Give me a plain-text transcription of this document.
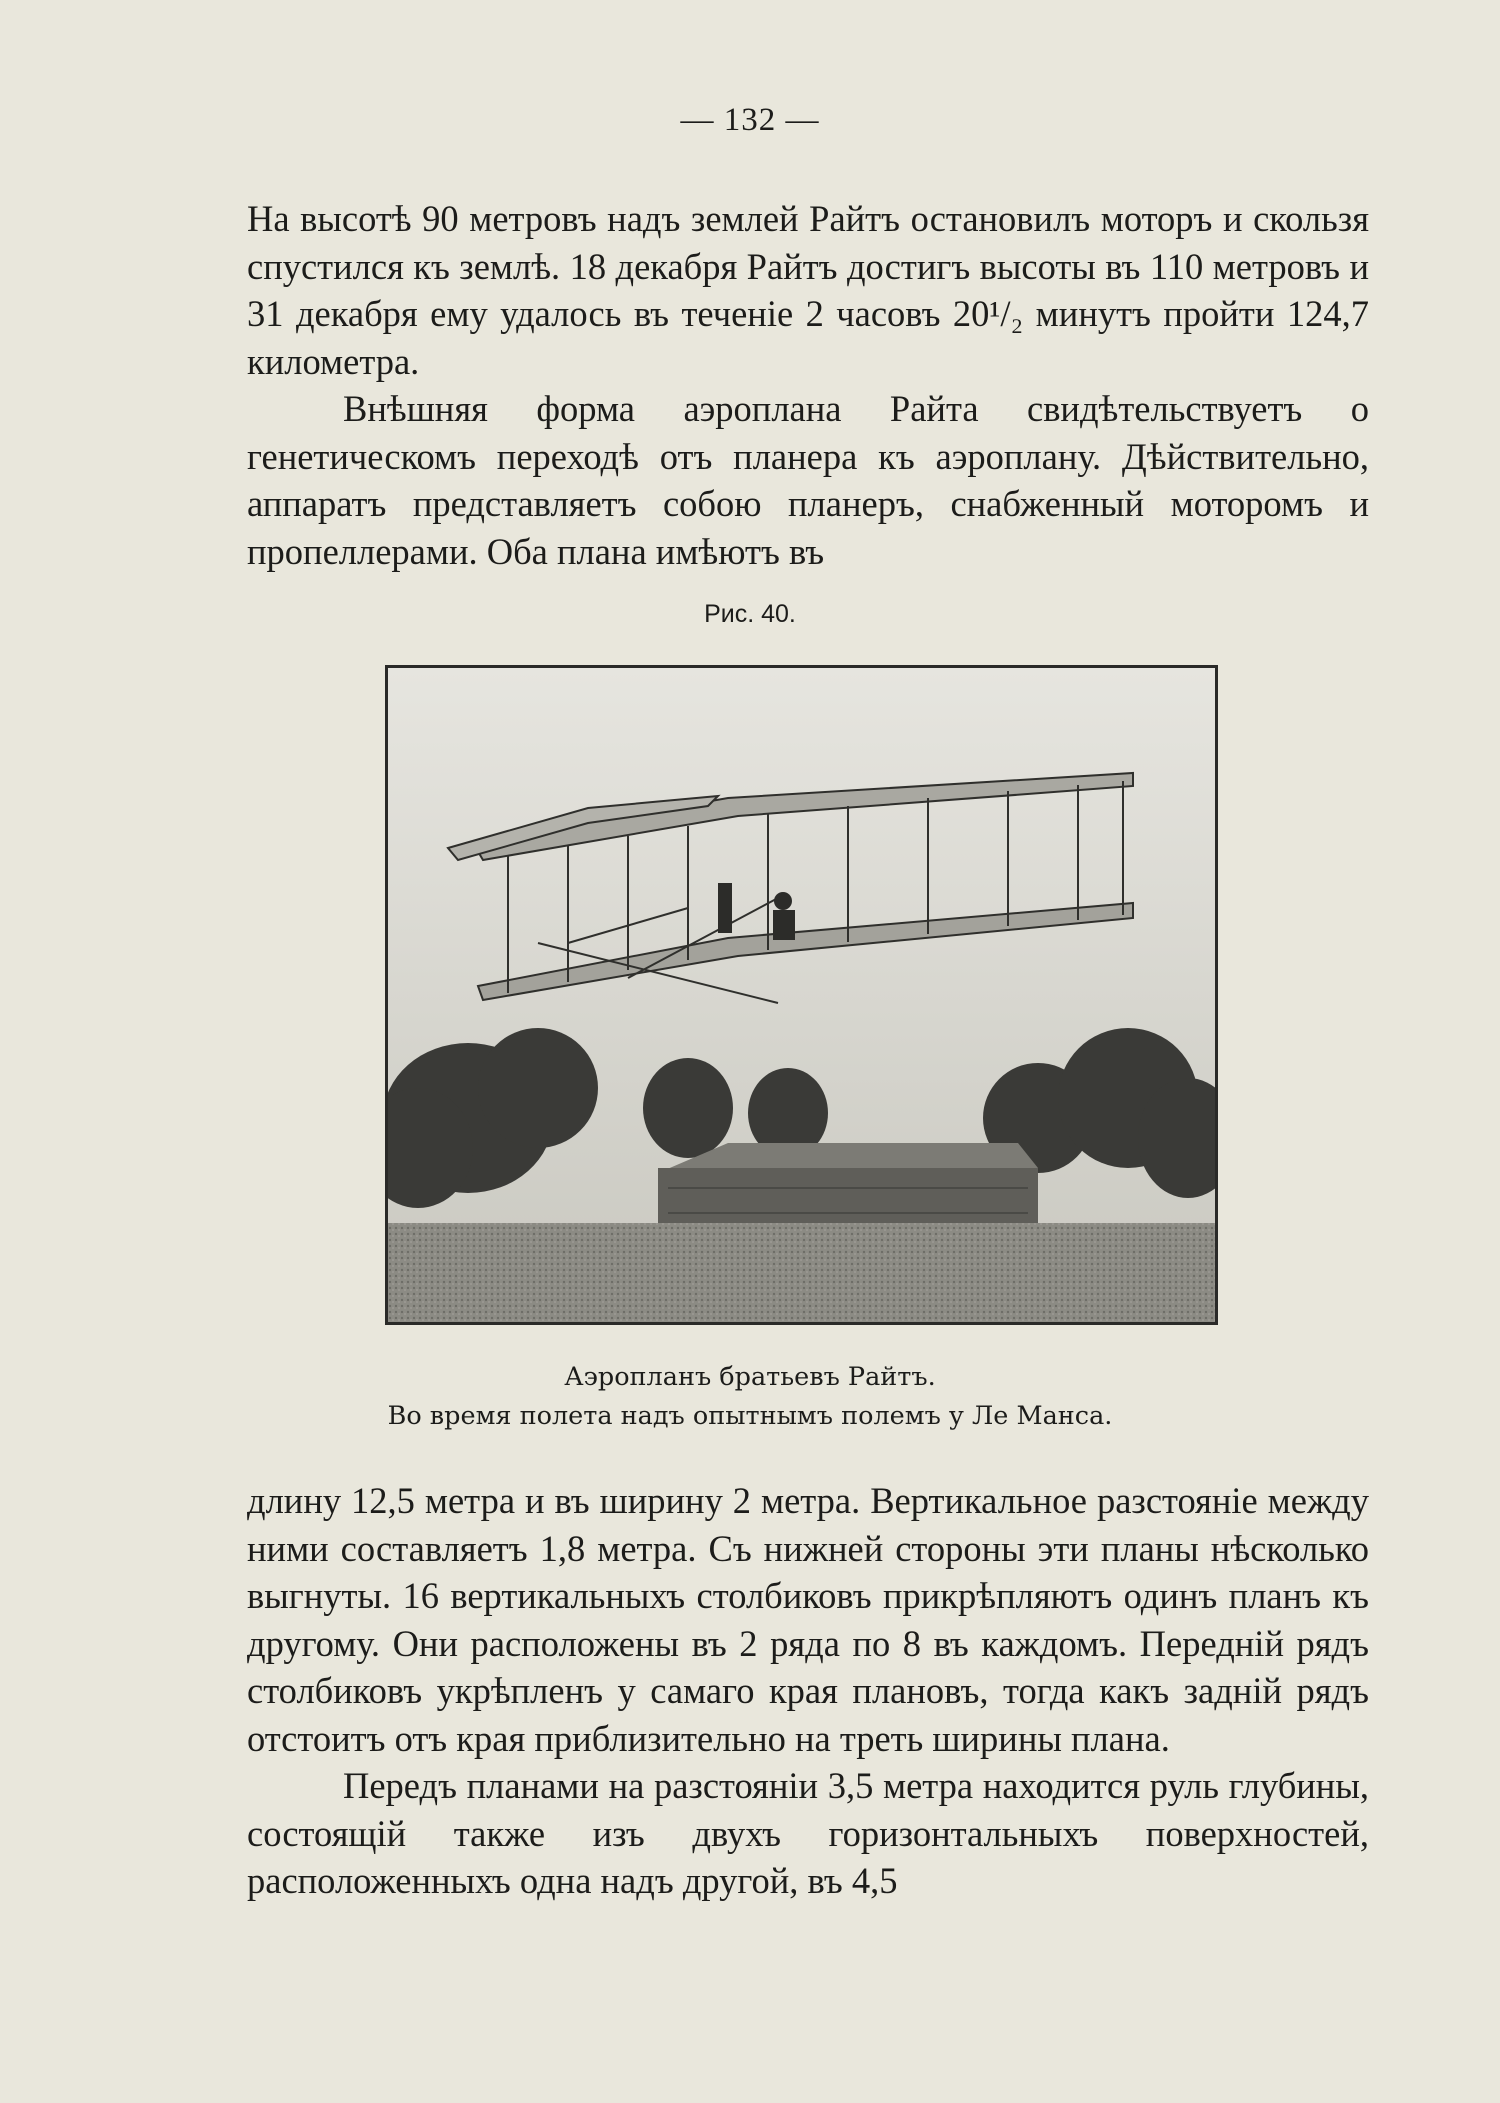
— 132 —

На высотѣ 90 метровъ надъ землей Райтъ остановилъ моторъ и скользя спустился къ землѣ. 18 декабря Райтъ достигъ высоты въ 110 метровъ и 31 декабря ему удалось въ теченіе 2 часовъ 20¹/₂ минутъ пройти 124,7 километра.

Внѣшняя форма аэроплана Райта свидѣтельствуетъ о генетическомъ переходѣ отъ планера къ аэроплану. Дѣйствительно, аппаратъ представляетъ собою планеръ, снабженный моторомъ и пропеллерами. Оба плана имѣютъ въ

Рис. 40.
Аэропланъ братьевъ Райтъ.
Во время полета надъ опытнымъ полемъ у Ле Манса.

длину 12,5 метра и въ ширину 2 метра. Вертикальное разстояніе между ними составляетъ 1,8 метра. Съ нижней стороны эти планы нѣсколько выгнуты. 16 вертикальныхъ столбиковъ прикрѣпляютъ одинъ планъ къ другому. Они расположены въ 2 ряда по 8 въ каждомъ. Передній рядъ столбиковъ укрѣпленъ у самаго края плановъ, тогда какъ задній рядъ отстоитъ отъ края приблизительно на треть ширины плана.

Передъ планами на разстояніи 3,5 метра находится руль глубины, состоящій также изъ двухъ горизонтальныхъ поверхностей, расположенныхъ одна надъ другой, въ 4,5
